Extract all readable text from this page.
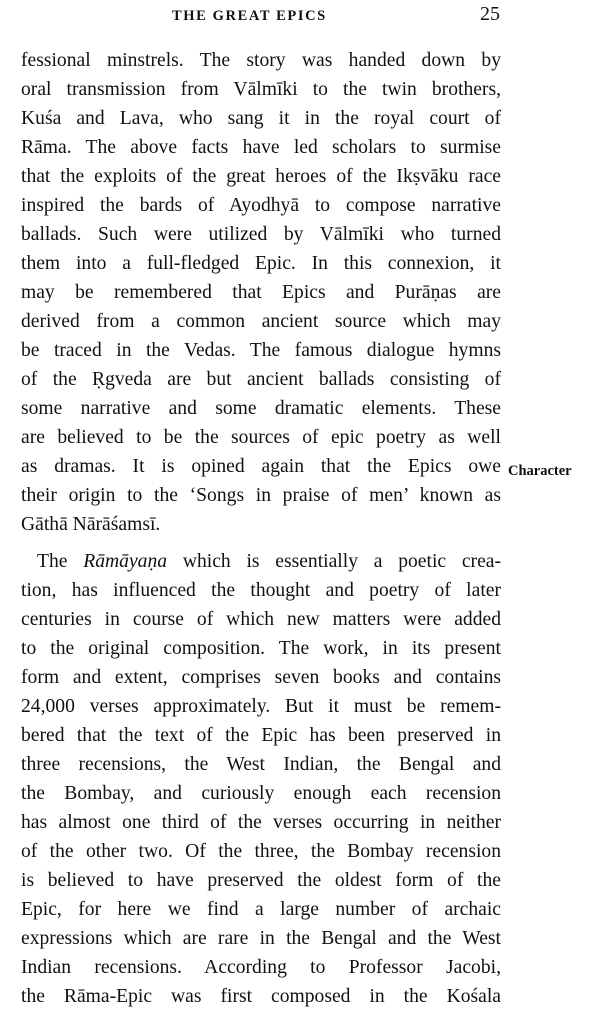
THE GREAT EPICS	25
fessional minstrels. The story was handed down by
oral transmission from Vālmīki to the twin brothers,
Kuśa and Lava, who sang it in the royal court of
Rāma. The above facts have led scholars to surmise
that the exploits of the great heroes of the Ikṣvāku race
inspired the bards of Ayodhyā to compose narrative
ballads. Such were utilized by Vālmīki who turned
them into a full-fledged Epic. In this connexion, it
may be remembered that Epics and Purāṇas are
derived from a common ancient source which may
be traced in the Vedas. The famous dialogue hymns
of the Ṛgveda are but ancient ballads consisting of
some narrative and some dramatic elements. These
are believed to be the sources of epic poetry as well
as dramas. It is opined again that the Epics owe
their origin to the ‘Songs in praise of men’ known as
Gāthā Nārāśamsī.
The Rāmāyaṇa which is essentially a poetic crea-
tion, has influenced the thought and poetry of later
centuries in course of which new matters were added
to the original composition. The work, in its present
form and extent, comprises seven books and contains
24,000 verses approximately. But it must be remem-
bered that the text of the Epic has been preserved in
three recensions, the West Indian, the Bengal and
the Bombay, and curiously enough each recension
has almost one third of the verses occurring in neither
of the other two. Of the three, the Bombay recension
is believed to have preserved the oldest form of the
Epic, for here we find a large number of archaic
expressions which are rare in the Bengal and the West
Indian recensions. According to Professor Jacobi,
the Rāma-Epic was first composed in the Kośala
Character
